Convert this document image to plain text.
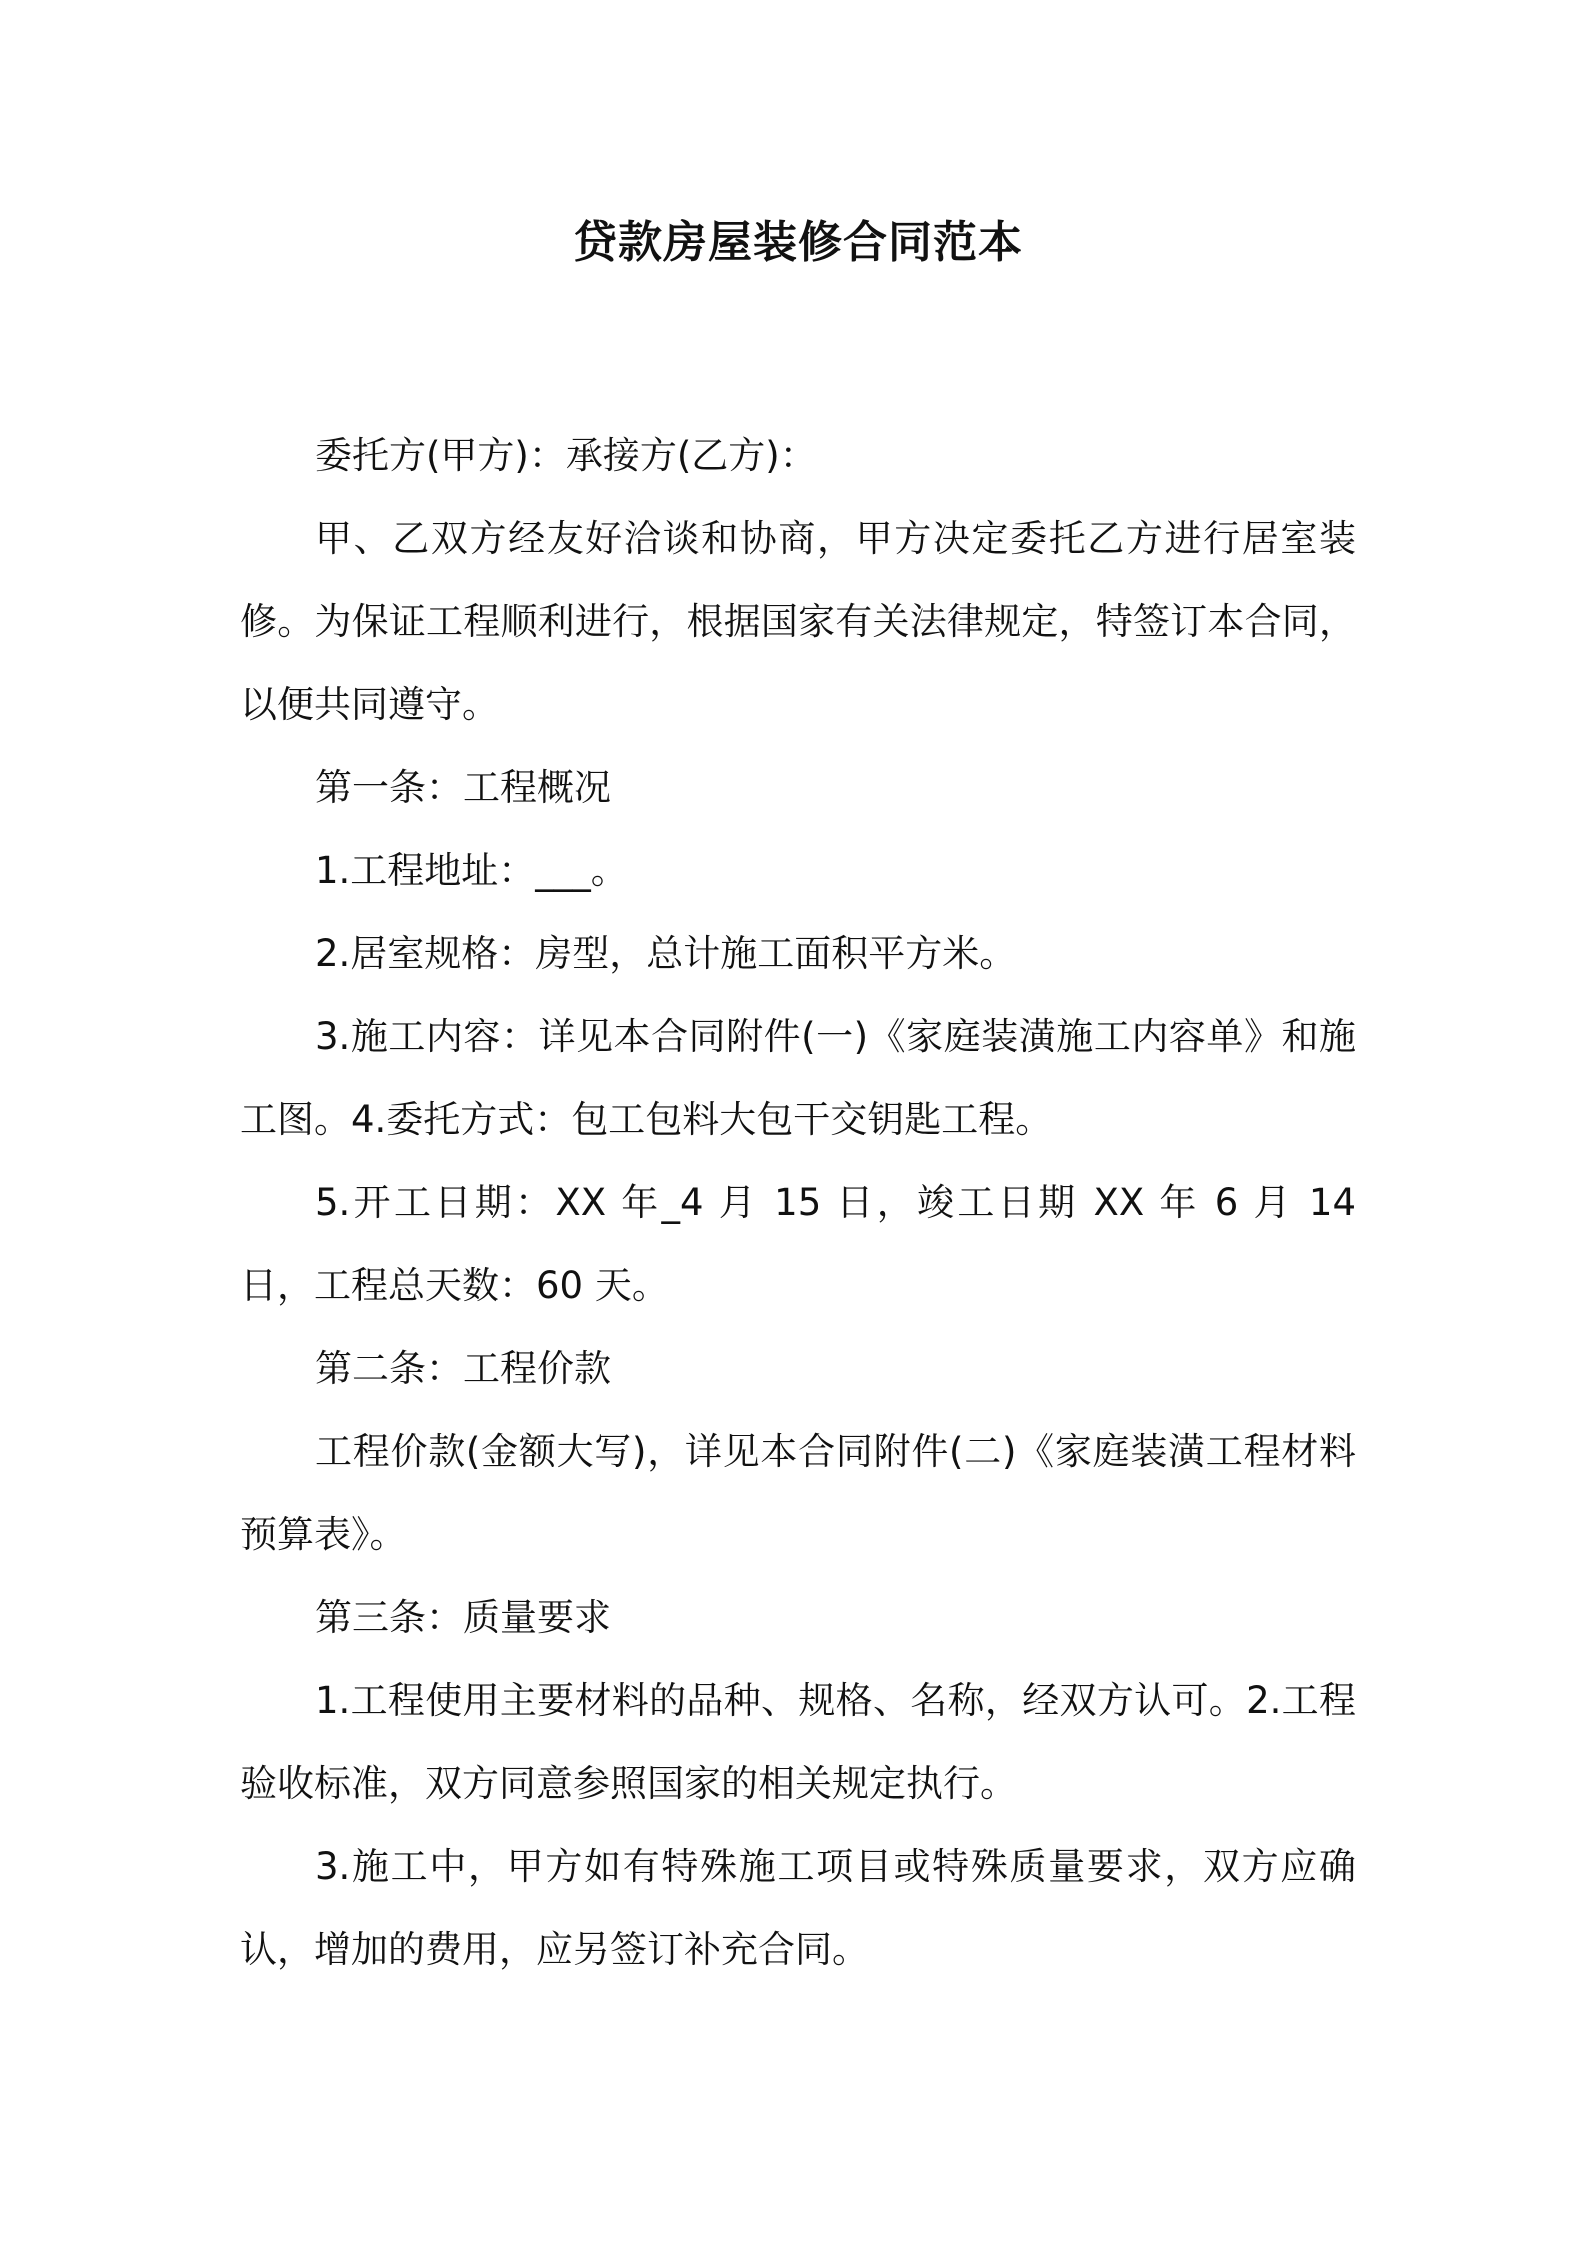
贷款房屋装修合同范本

委托方(甲方)：承接方(乙方)：

甲、乙双方经友好洽谈和协商，甲方决定委托乙方进行居室装修。为保证工程顺利进行，根据国家有关法律规定，特签订本合同，以便共同遵守。

第一条：工程概况

1.工程地址：___。

2.居室规格：房型，总计施工面积平方米。

3.施工内容：详见本合同附件(一)《家庭装潢施工内容单》和施工图。4.委托方式：包工包料大包干交钥匙工程。

5.开工日期：XX 年_4 月 15 日，竣工日期 XX 年 6 月 14 日，工程总天数：60 天。

第二条：工程价款

工程价款(金额大写)，详见本合同附件(二)《家庭装潢工程材料预算表》。

第三条：质量要求

1.工程使用主要材料的品种、规格、名称，经双方认可。2.工程验收标准，双方同意参照国家的相关规定执行。

3.施工中，甲方如有特殊施工项目或特殊质量要求，双方应确认，增加的费用，应另签订补充合同。
